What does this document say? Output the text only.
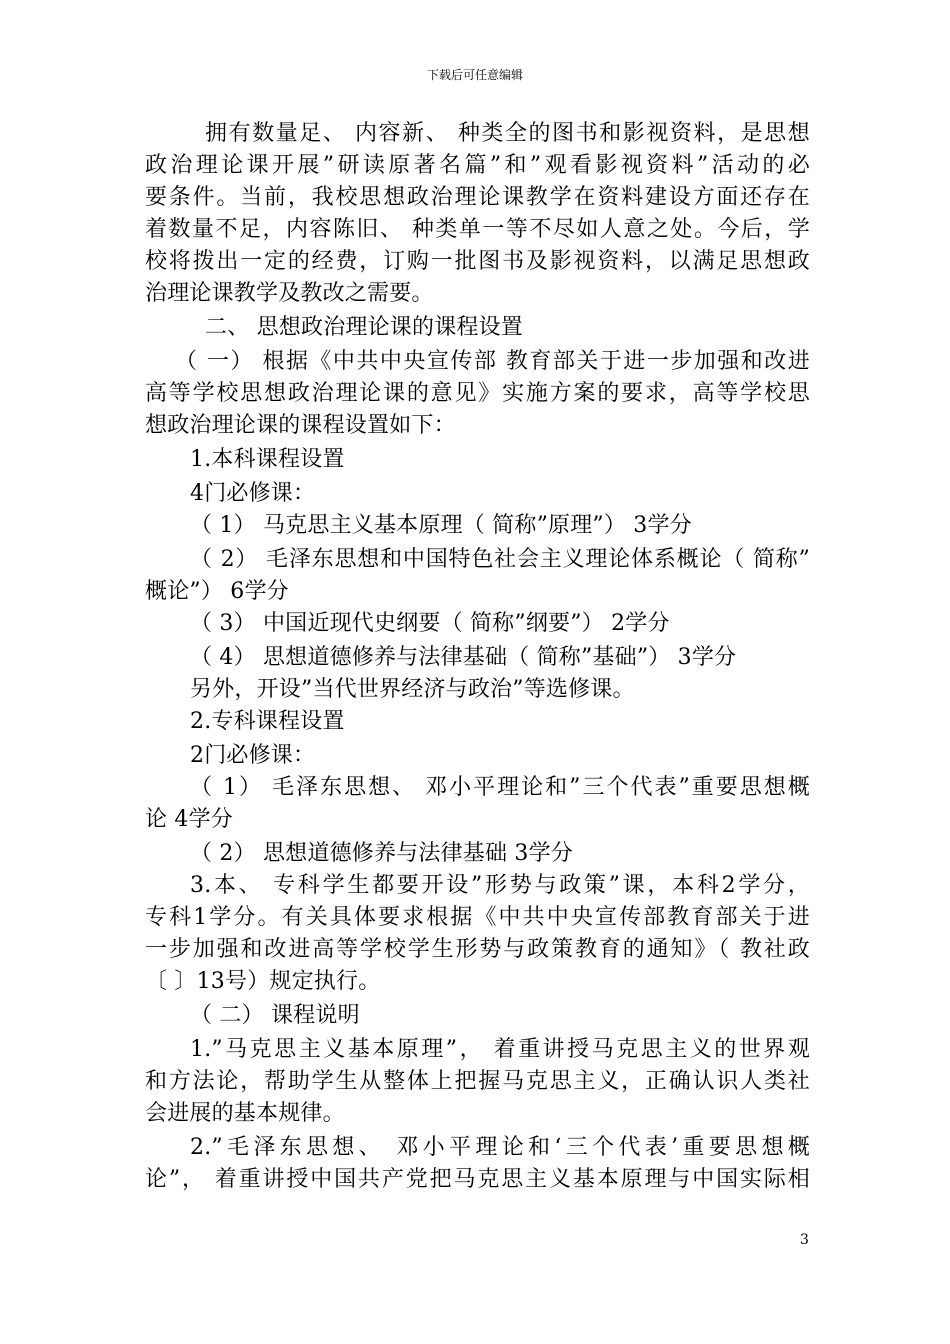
下载后可任意编辑
拥有数量足、 内容新、 种类全的图书和影视资料，是思想
政治理论课开展”研读原著名篇”和”观看影视资料”活动的必
要条件。当前，我校思想政治理论课教学在资料建设方面还存在
着数量不足，内容陈旧、 种类单一等不尽如人意之处。今后，学
校将拨出一定的经费，订购一批图书及影视资料，以满足思想政
治理论课教学及教改之需要。
二、 思想政治理论课的课程设置
（ 一） 根据《中共中央宣传部 教育部关于进一步加强和改进
高等学校思想政治理论课的意见》实施方案的要求，高等学校思
想政治理论课的课程设置如下：
1.本科课程设置
4门必修课：
（ 1） 马克思主义基本原理（ 简称”原理”） 3学分
（ 2） 毛泽东思想和中国特色社会主义理论体系概论（ 简称”
概论”） 6学分
（ 3） 中国近现代史纲要（ 简称”纲要”） 2学分
（ 4） 思想道德修养与法律基础（ 简称”基础”） 3学分
另外，开设”当代世界经济与政治”等选修课。
2.专科课程设置
2门必修课：
（ 1） 毛泽东思想、 邓小平理论和”三个代表”重要思想概
论 4学分
（ 2） 思想道德修养与法律基础 3学分
3.本、 专科学生都要开设”形势与政策”课，本科2学分，
专科1学分。有关具体要求根据《中共中央宣传部教育部关于进
一步加强和改进高等学校学生形势与政策教育的通知》（ 教社政
〔 〕13号）规定执行。
（ 二） 课程说明
1.”马克思主义基本原理”， 着重讲授马克思主义的世界观
和方法论，帮助学生从整体上把握马克思主义，正确认识人类社
会进展的基本规律。
2.”毛泽东思想、 邓小平理论和‘三个代表’重要思想概
论”， 着重讲授中国共产党把马克思主义基本原理与中国实际相
3
